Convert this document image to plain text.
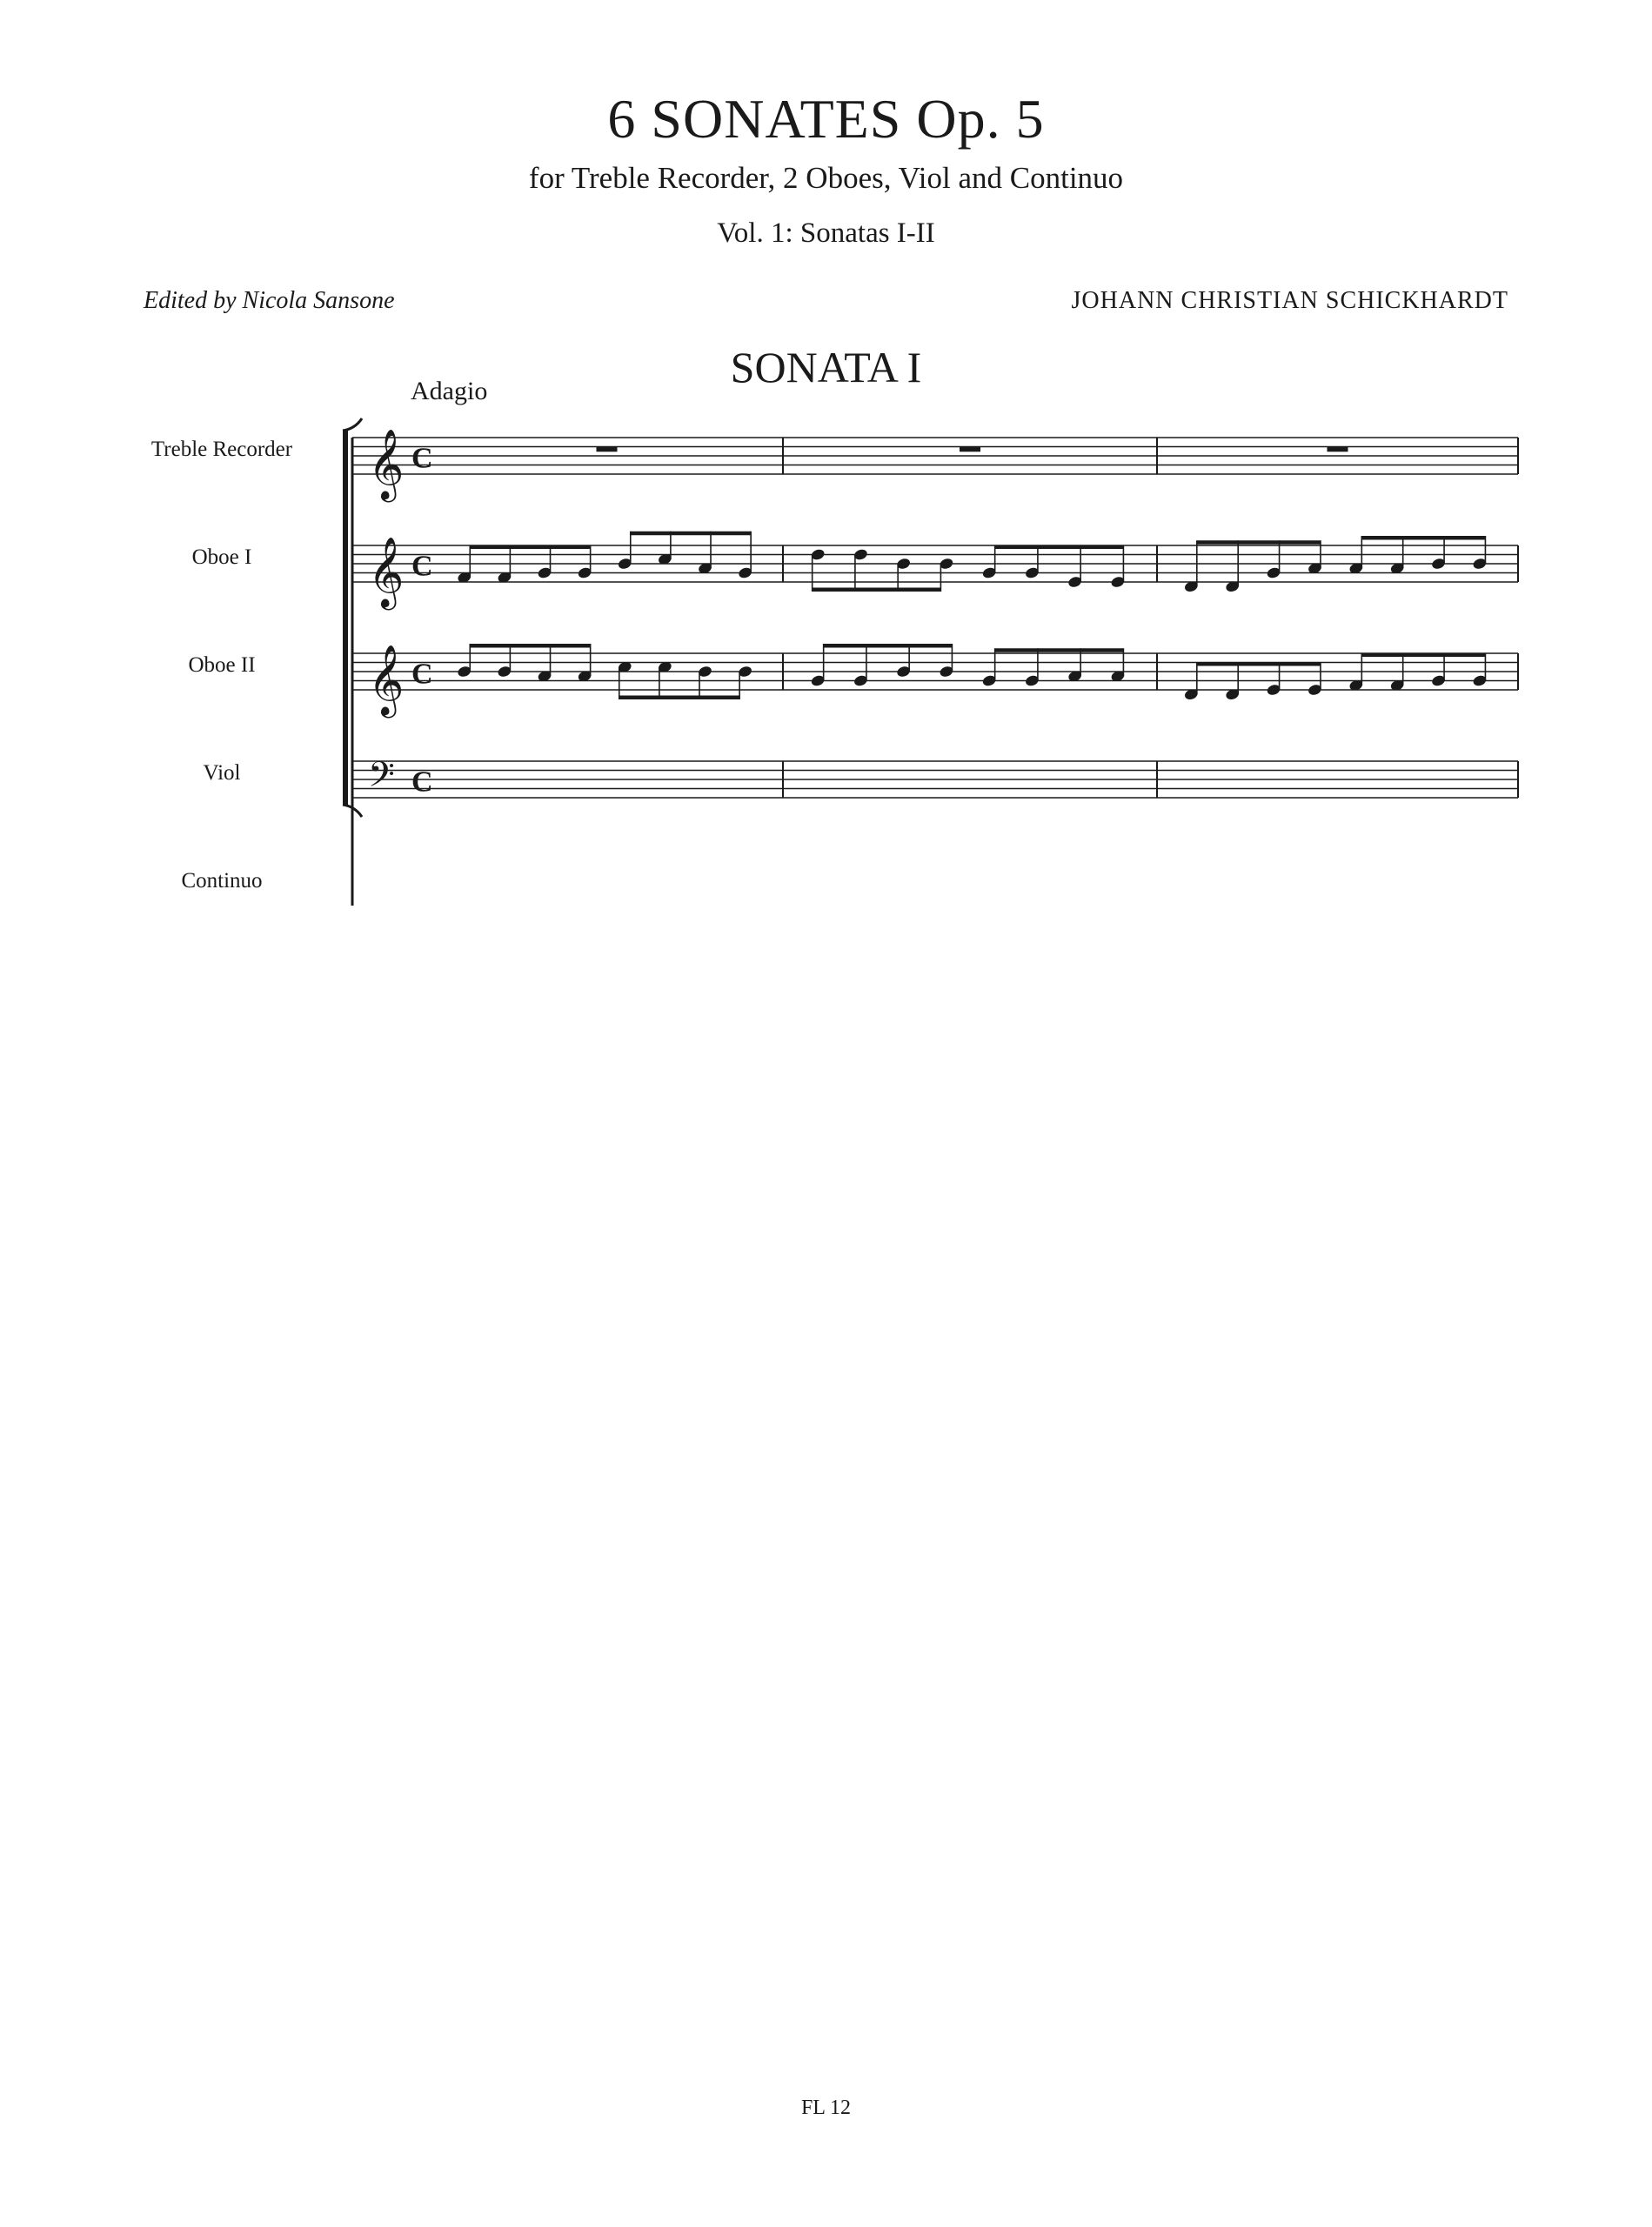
6 SONATES Op. 5
for Treble Recorder, 2 Oboes, Viol and Continuo
Vol. 1: Sonatas I-II
Edited by Nicola Sansone	JOHANN CHRISTIAN SCHICKHARDT
SONATA I
Adagio
Treble Recorder
Oboe I
Oboe II
Viol
Continuo
𝄞 C
𝄞 C
𝄞 C
𝄢 C
FL 12
